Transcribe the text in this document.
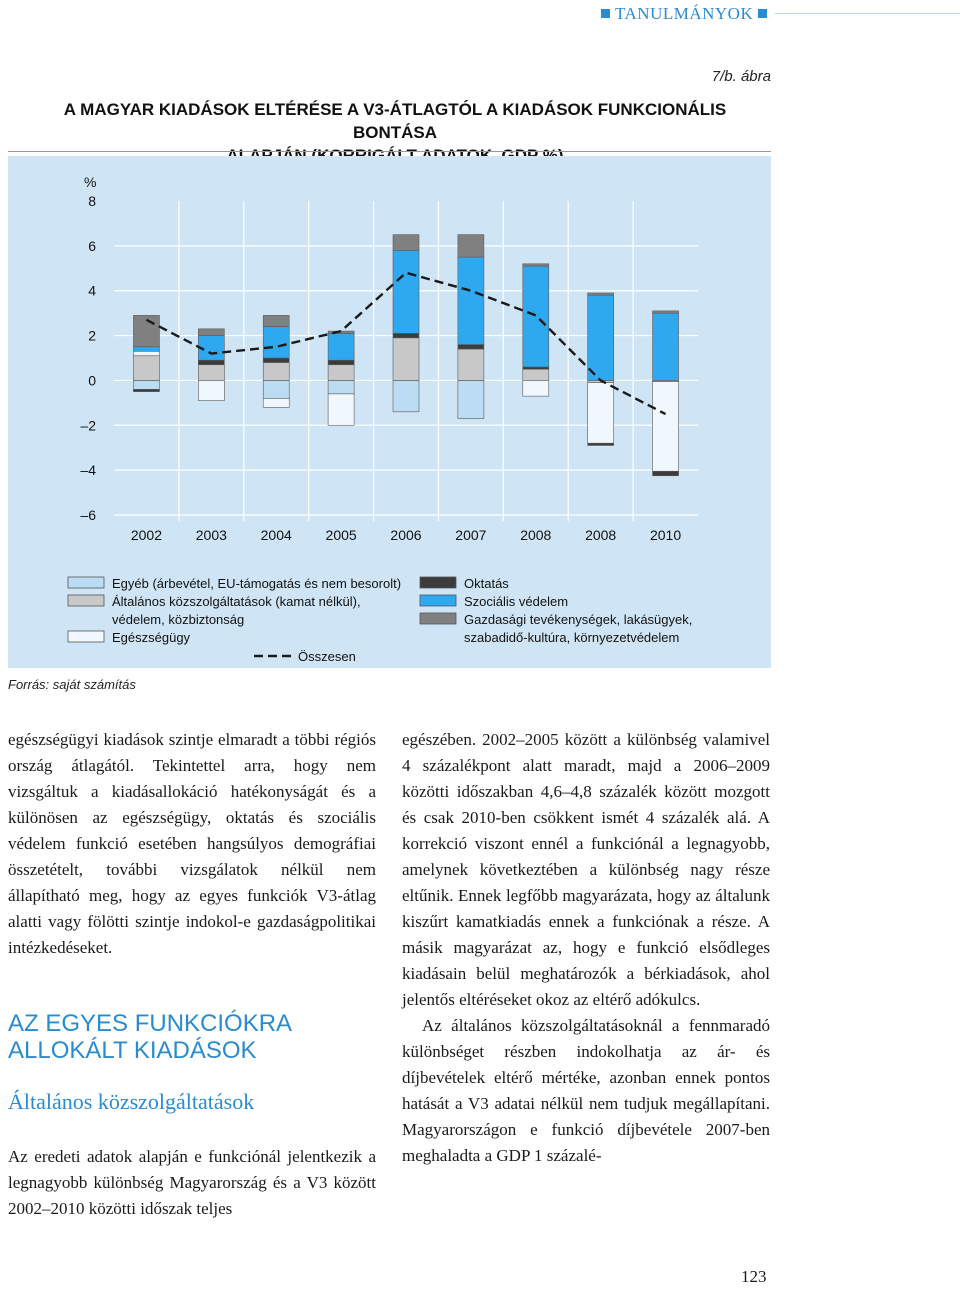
TANULMÁNYOK
7/b. ábra
A MAGYAR KIADÁSOK ELTÉRÉSE A V3-ÁTLAGTÓL A KIADÁSOK FUNKCIONÁLIS BONTÁSA
8
6
4
2
0
–2
–4
–6
%
2002 2003 2004 2005 2006 2007 2008 2008 2010
Egyéb (árbevétel, EU-támogatás és nem besorolt)
Általános közszolgáltatások (kamat nélkül),
védelem, közbiztonság
Egészségügy
Oktatás
Szociális védelem
Gazdasági tevékenységek, lakásügyek,
szabadidő-kultúra, környezetvédelem
Összesen
Forrás: saját számítás

egészségügyi kiadások szintje elmaradt a többi régiós ország átlagától. Tekintettel arra, hogy nem vizsgáltuk a kiadásallokáció hatékonyságát és a különösen az egészségügy, oktatás és szociális védelem funkció esetében hangsúlyos demográfiai összetételt, további vizsgálatok nélkül nem állapítható meg, hogy az egyes funkciók V3-átlag alatti vagy fölötti szintje indokol-e gazdaságpolitikai intézkedéseket.

AZ EGYES FUNKCIÓKRA ALLOKÁLT KIADÁSOK
Általános közszolgáltatások

Az eredeti adatok alapján e funkciónál jelentkezik a legnagyobb különbség Magyarország és a V3 között 2002–2010 közötti időszak teljes

egészében. 2002–2005 között a különbség valamivel 4 százalékpont alatt maradt, majd a 2006–2009 közötti időszakban 4,6–4,8 százalék között mozgott és csak 2010-ben csökkent ismét 4 százalék alá. A korrekció viszont ennél a funkciónál a legnagyobb, amelynek következtében a különbség nagy része eltűnik. Ennek legfőbb magyarázata, hogy az általunk kiszűrt kamatkiadás ennek a funkciónak a része. A másik magyarázat az, hogy e funkció elsődleges kiadásain belül meghatározók a bérkiadások, ahol jelentős eltéréseket okoz az eltérő adókulcs.

Az általános közszolgáltatásoknál a fennmaradó különbséget részben indokolhatja az ár- és díjbevételek eltérő mértéke, azonban ennek pontos hatását a V3 adatai nélkül nem tudjuk megállapítani. Magyarországon e funkció díjbevétele 2007-ben meghaladta a GDP 1 százalé-

123
